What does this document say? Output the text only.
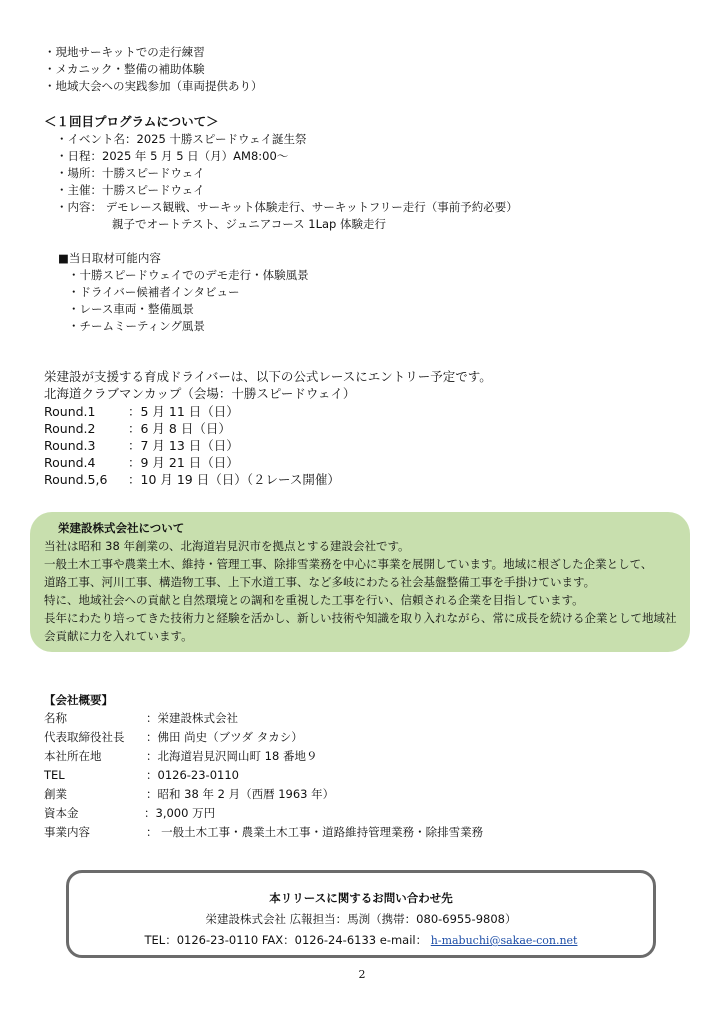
・現地サーキットでの走行練習
・メカニック・整備の補助体験
・地域大会への実践参加（車両提供あり）
＜１回目プログラムについて＞
・イベント名：2025 十勝スピードウェイ誕生祭
・日程：2025 年 5 月 5 日（月）AM8:00～
・場所：十勝スピードウェイ
・主催：十勝スピードウェイ
・内容： デモレース観戦、サーキット体験走行、サーキットフリー走行（事前予約必要）
親子でオートテスト、ジュニアコース 1Lap 体験走行
■当日取材可能内容
・十勝スピードウェイでのデモ走行・体験風景
・ドライバー候補者インタビュー
・レース車両・整備風景
・チームミーティング風景
栄建設が支援する育成ドライバーは、以下の公式レースにエントリー予定です。
北海道クラブマンカップ（会場：十勝スピードウェイ）
Round.1	：5 月 11 日（日）
Round.2	：6 月 8 日（日）
Round.3	：7 月 13 日（日）
Round.4	：9 月 21 日（日）
Round.5,6 ：10 月 19 日（日）（２レース開催）
栄建設株式会社について
当社は昭和 38 年創業の、北海道岩見沢市を拠点とする建設会社です。
一般土木工事や農業土木、維持・管理工事、除排雪業務を中心に事業を展開しています。地域に根ざした企業として、
道路工事、河川工事、構造物工事、上下水道工事、など多岐にわたる社会基盤整備工事を手掛けています。
特に、地域社会への貢献と自然環境との調和を重視した工事を行い、信頼される企業を目指しています。
長年にわたり培ってきた技術力と経験を活かし、新しい技術や知識を取り入れながら、常に成長を続ける企業として地域社
会貢献に力を入れています。
【会社概要】
名称	：栄建設株式会社
代表取締役社長 ：佛田 尚史（ブツダ タカシ）
本社所在地	：北海道岩見沢岡山町 18 番地９
TEL	：0126-23-0110
創業	：昭和 38 年 2 月（西暦 1963 年）
資本金	：3,000 万円
事業内容	： 一般土木工事・農業土木工事・道路維持管理業務・除排雪業務
本リリースに関するお問い合わせ先
栄建設株式会社 広報担当：馬渕（携帯：080-6955-9808）
TEL：0126-23-0110 FAX：0126-24-6133 e-mail： h-mabuchi@sakae-con.net
2
